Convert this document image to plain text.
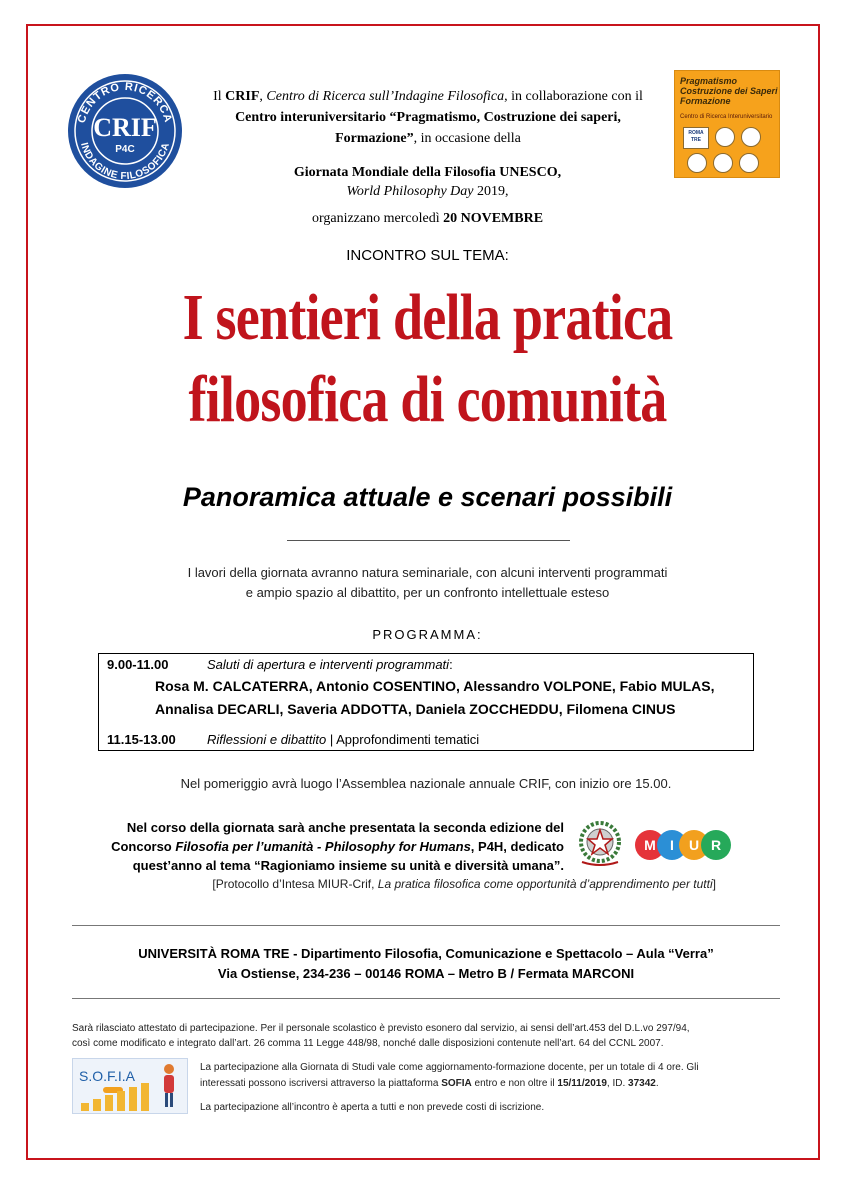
CENTRO RICERCA
INDAGINE FILOSOFICA
CRIF
P4C
Pragmatismo
Costruzione dei Saperi
Formazione
Centro di Ricerca Interuniversitario
ROMA TRE
Il CRIF, Centro di Ricerca sull’Indagine Filosofica, in collaborazione con il Centro interuniversitario “Pragmatismo, Costruzione dei saperi, Formazione”, in occasione della
Giornata Mondiale della Filosofia UNESCO,
World Philosophy Day 2019,
organizzano mercoledì 20 NOVEMBRE
INCONTRO SUL TEMA:
I sentieri della pratica
filosofica di comunità
Panoramica attuale e scenari possibili
I lavori della giornata avranno natura seminariale, con alcuni interventi programmati
e ampio spazio al dibattito, per un confronto intellettuale esteso
PROGRAMMA:
9.00-11.00	Saluti di apertura e interventi programmati:
Rosa M. CALCATERRA, Antonio COSENTINO, Alessandro VOLPONE, Fabio MULAS,
Annalisa DECARLI, Saveria ADDOTTA, Daniela ZOCCHEDDU, Filomena CINUS
11.15-13.00 Riflessioni e dibattito | Approfondimenti tematici
Nel pomeriggio avrà luogo l’Assemblea nazionale annuale CRIF, con inizio ore 15.00.
Nel corso della giornata sarà anche presentata la seconda edizione del
Concorso Filosofia per l’umanità - Philosophy for Humans, P4H, dedicato
quest’anno al tema “Ragioniamo insieme su unità e diversità umana”.
[Protocollo d’Intesa MIUR-Crif, La pratica filosofica come opportunità d’apprendimento per tutti]
M I U R
UNIVERSITÀ ROMA TRE - Dipartimento Filosofia, Comunicazione e Spettacolo – Aula “Verra”
Via Ostiense, 234-236 – 00146 ROMA – Metro B / Fermata MARCONI
Sarà rilasciato attestato di partecipazione. Per il personale scolastico è previsto esonero dal servizio, ai sensi dell’art.453 del D.L.vo 297/94,
così come modificato e integrato dall’art. 26 comma 11 Legge 448/98, nonché dalle disposizioni contenute nell’art. 64 del CCNL 2007.
S.O.F.I.A
La partecipazione alla Giornata di Studi vale come aggiornamento-formazione docente, per un totale di 4 ore. Gli
interessati possono iscriversi attraverso la piattaforma SOFIA entro e non oltre il 15/11/2019, ID. 37342.
La partecipazione all’incontro è aperta a tutti e non prevede costi di iscrizione.
